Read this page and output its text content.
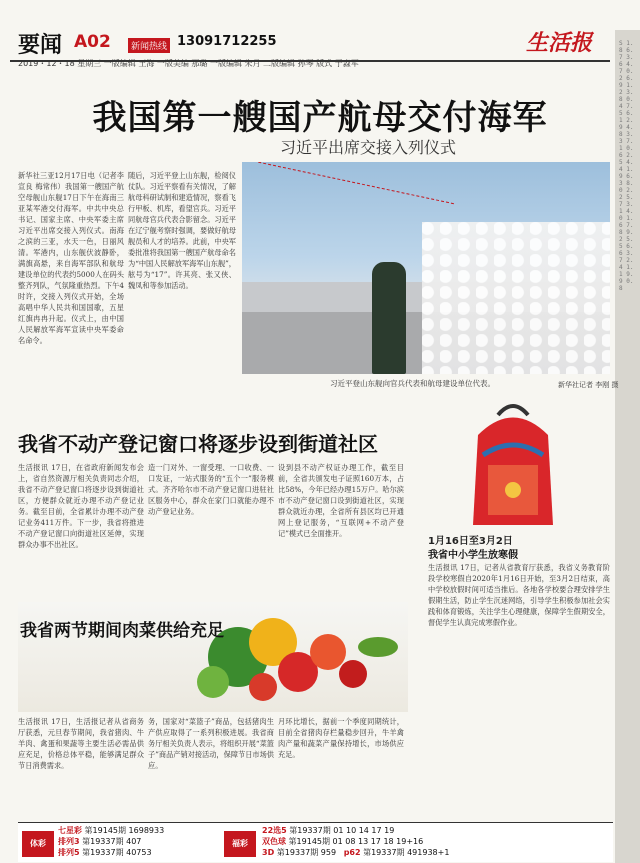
要闻 A02	新闻热线 13091712255	生活报
2019・12・18 星期三 一版编辑 王海 一版美编 那璐 一版编辑 朱月 二版编辑 孙琴 版式 于淼军
S 1.8 6.7 3.6 4.7 0.2 6.9 1.2 3.8 0.4 7.5 6.1 2.9 4.8 3.3 7.1 0.6 2.5 4.4 1.9 6.3 8.0 2.2 5.7 3.1 4.0 1.6 7.8 9.2 5.5 6.6 3.7 2.4 1.1 9.9 0.8
我国第一艘国产航母交付海军
习近平出席交接入列仪式
新华社三亚12月17日电（记者李宣良 梅常伟）我国第一艘国产航空母舰山东舰17日下午在海南三亚某军港交付海军。中共中央总书记、国家主席、中央军委主席习近平出席交接入列仪式。南海之滨的三亚，水天一色，日丽风清。军港内，山东舰伏波静卧，满旗高悬，来自海军部队和航母建设单位的代表约5000人在码头整齐列队，气氛隆重热烈。下午4时许，交接入列仪式开始，全场高唱中华人民共和国国歌，五星红旗冉冉升起。仪式上，由中国人民解放军海军宣读中央军委命名命令。
随后，习近平登上山东舰，检阅仪仗队。习近平察看有关情况，了解航母科研试制和建造情况，察看飞行甲板、机库，看望官兵。习近平同航母官兵代表合影留念。习近平在辽宁舰考察时强调，要做好航母舰员和人才的培养。此前，中央军委批准将我国第一艘国产航母命名为“中国人民解放军海军山东舰”，舷号为“17”。许其亮、张又侠、魏凤和等参加活动。
习近平登山东舰向官兵代表和航母建设单位代表。	新华社记者 李刚 摄
我省不动产登记窗口将逐步设到街道社区
生活报讯 17日，在省政府新闻发布会上，省自然资源厅相关负责同志介绍，我省不动产登记窗口将逐步设到街道社区，方便群众就近办理不动产登记业务。截至目前，全省累计办理不动产登记业务411万件。下一步，我省将推进不动产登记窗口向街道社区延伸，实现群众办事不出社区。
造一门对外、一窗受理、一口收费、一口发证，一站式服务的“五个一”服务模式。齐齐哈尔市不动产登记窗口进驻社区服务中心，群众在家门口就能办理不动产登记业务。
设到县不动产权证办理工作，截至目前，全省共颁发电子证照160万本，占比58%，今年已经办理15万户。哈尔滨市不动产登记窗口设到街道社区，实现群众就近办理，全省所有县区均已开通网上登记服务，“互联网+不动产登记”模式已全面推开。
1月16日至3月2日
我省中小学生放寒假
生活报讯 17日，记者从省教育厅获悉，我省义务教育阶段学校寒假自2020年1月16日开始，至3月2日结束，高中学校放假时间可适当推后。各地各学校要合理安排学生假期生活，防止学生沉迷网络，引导学生积极参加社会实践和体育锻炼，关注学生心理健康，保障学生假期安全，督促学生认真完成寒假作业。
我省两节期间肉菜供给充足
生活报讯 17日，生活报记者从省商务厅获悉，元旦春节期间，我省猪肉、牛羊肉、禽蛋和果蔬等主要生活必需品供应充足，价格总体平稳，能够满足群众节日消费需求。
务，国家对“菜篮子”商品，包括猪肉生产供应取得了一系列积极进展。我省商务厅相关负责人表示，将组织开展“菜篮子”商品产销对接活动，保障节日市场供应。
月环比增长，据前一个季度同期统计，目前全省猪肉存栏量稳步回升，牛羊禽肉产量和蔬菜产量保持增长，市场供应充足。
体彩
七星彩 第19145期 1698933
排列3 第19337期 407
排列5 第19337期 40753
福彩
22选5 第19337期 01 10 14 17 19
双色球 第19145期 01 08 13 17 18 19+16
3D 第19337期 959 p62 第19337期 491938+1
